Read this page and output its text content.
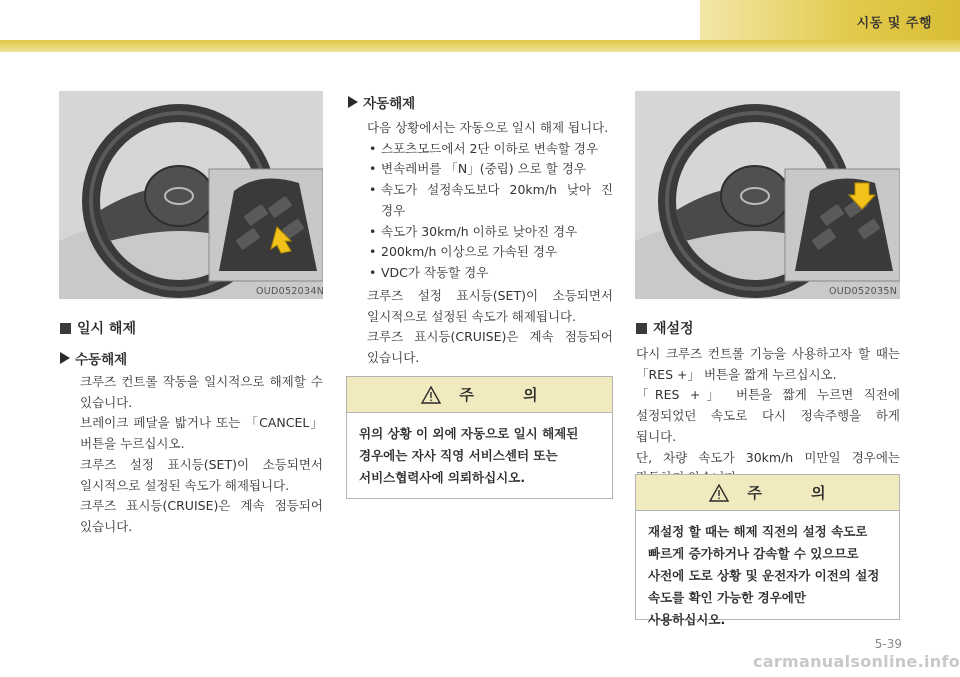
시동 및 주행
OUD052034N
일시 해제
수동해제

크루즈 컨트롤 작동을 일시적으로 해제할 수 있습니다.

브레이크 페달을 밟거나 또는 「CANCEL」 버튼을 누르십시오.

크루즈 설정 표시등(SET)이 소등되면서 일시적으로 설정된 속도가 해제됩니다.

크루즈 표시등(CRUISE)은 계속 점등되어 있습니다.

자동해제

다음 상황에서는 자동으로 일시 해제 됩니다.

• 스포츠모드에서 2단 이하로 변속할 경우
• 변속레버를 「N」(중립) 으로 할 경우
• 속도가 설정속도보다 20km/h 낮아 진 경우
• 속도가 30km/h 이하로 낮아진 경우
• 200km/h 이상으로 가속된 경우
• VDC가 작동할 경우

크루즈 설정 표시등(SET)이 소등되면서 일시적으로 설정된 속도가 해제됩니다.

크루즈 표시등(CRUISE)은 계속 점등되어 있습니다.

주 의
위의 상황 이 외에 자동으로 일시 해제된 경우에는 자사 직영 서비스센터 또는 서비스협력사에 의뢰하십시오.
OUD052035N
재설정

다시 크루즈 컨트롤 기능을 사용하고자 할 때는 「RES +」 버튼을 짧게 누르십시오.

「RES +」 버튼을 짧게 누르면 직전에 설정되었던 속도로 다시 정속주행을 하게 됩니다.

단, 차량 속도가 30km/h 미만일 경우에는

주 의
재설정 할 때는 해제 직전의 설정 속도로 빠르게 증가하거나 감속할 수 있으므로 사전에 도로 상황 및 운전자가 이전의 설정 속도를 확인 가능한 경우에만 사용하십시오.
5-39
carmanualsonline.info
